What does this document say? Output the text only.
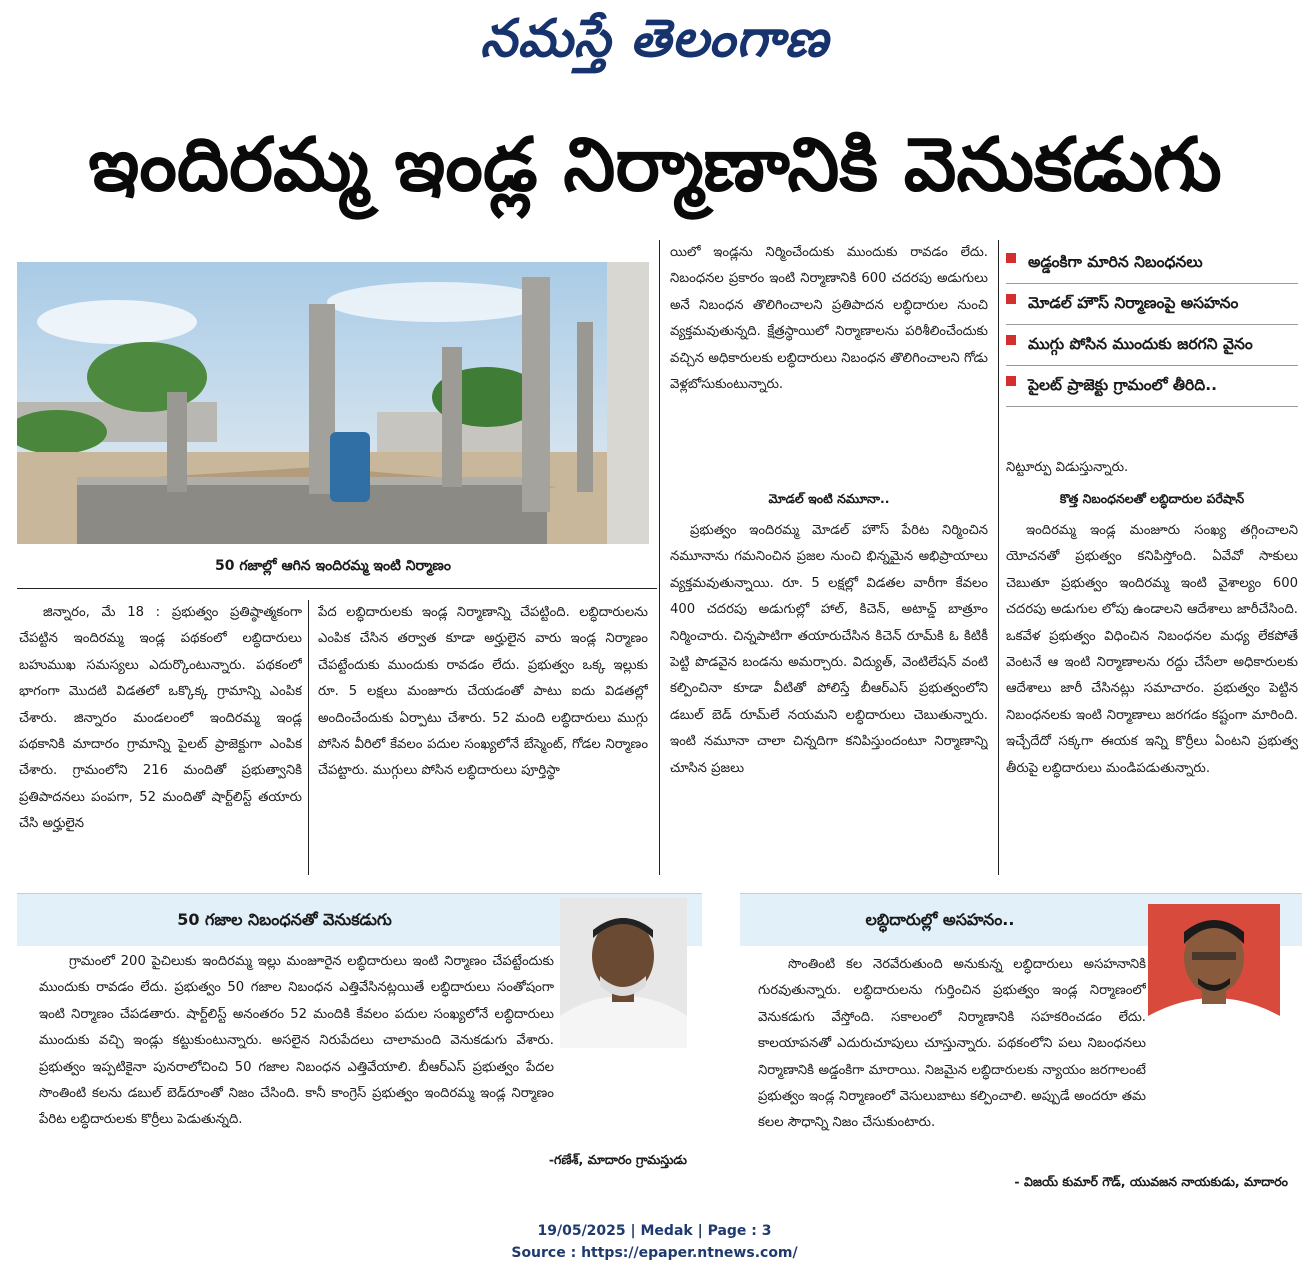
నమస్తే తెలంగాణ
ఇందిరమ్మ ఇండ్ల నిర్మాణానికి వెనుకడుగు
50 గజాల్లో ఆగిన ఇందిరమ్మ ఇంటి నిర్మాణం
అడ్డంకిగా మారిన నిబంధనలు
మోడల్ హౌస్ నిర్మాణంపై అసహనం
ముగ్గు పోసిన ముందుకు జరగని వైనం
పైలట్ ప్రాజెక్టు గ్రామంలో తీరిది..

జిన్నారం, మే 18 : ప్రభుత్వం ప్రతిష్ఠాత్మకంగా చేపట్టిన ఇందిరమ్మ ఇండ్ల పథకంలో లబ్ధిదారులు బహుముఖ సమస్యలు ఎదుర్కొంటున్నారు. పథకంలో భాగంగా మొదటి విడతలో ఒక్కొక్క గ్రామాన్ని ఎంపిక చేశారు. జిన్నారం మండలంలో ఇందిరమ్మ ఇండ్ల పథకానికి మాదారం గ్రామాన్ని పైలట్ ప్రాజెక్టుగా ఎంపిక చేశారు. గ్రామంలోని 216 మందితో ప్రభుత్వానికి ప్రతిపాదనలు పంపగా, 52 మందితో షార్ట్‌లిస్ట్ తయారు చేసి అర్హులైన

పేద లబ్ధిదారులకు ఇండ్ల నిర్మాణాన్ని చేపట్టింది. లబ్ధిదారులను ఎంపిక చేసిన తర్వాత కూడా అర్హులైన వారు ఇండ్ల నిర్మాణం చేపట్టేందుకు ముందుకు రావడం లేదు. ప్రభుత్వం ఒక్క ఇల్లుకు రూ. 5 లక్షలు మంజూరు చేయడంతో పాటు ఐదు విడతల్లో అందించేందుకు ఏర్పాటు చేశారు. 52 మంది లబ్ధిదారులు ముగ్గు పోసిన వీరిలో కేవలం పదుల సంఖ్యలోనే బేస్మెంట్, గోడల నిర్మాణం చేపట్టారు. ముగ్గులు పోసిన లబ్ధిదారులు పూర్తిస్థా

యిలో ఇండ్లను నిర్మించేందుకు ముందుకు రావడం లేదు. నిబంధనల ప్రకారం ఇంటి నిర్మాణానికి 600 చదరపు అడుగులు అనే నిబంధన తొలిగించాలని ప్రతిపాదన లబ్ధిదారుల నుంచి వ్యక్తమవుతున్నది. క్షేత్రస్థాయిలో నిర్మాణాలను పరిశీలించేందుకు వచ్చిన అధికారులకు లబ్ధిదారులు నిబంధన తొలిగించాలని గోడు వెళ్లబోసుకుంటున్నారు.

మోడల్ ఇంటి నమూనా..

ప్రభుత్వం ఇందిరమ్మ మోడల్ హౌస్ పేరిట నిర్మించిన నమూనాను గమనించిన ప్రజల నుంచి భిన్నమైన అభిప్రాయాలు వ్యక్తమవుతున్నాయి. రూ. 5 లక్షల్లో విడతల వారీగా కేవలం 400 చదరపు అడుగుల్లో హాల్, కిచెన్, అటాచ్డ్ బాత్రూం నిర్మించారు. చిన్నపాటిగా తయారుచేసిన కిచెన్ రూమ్‌కి ఓ కిటికీ పెట్టి పొడవైన బండను అమర్చారు. విద్యుత్, వెంటిలేషన్ వంటి కల్పించినా కూడా వీటితో పోలిస్తే బీఆర్ఎస్ ప్రభుత్వంలోని డబుల్ బెడ్ రూమ్‌లే నయమని లబ్ధిదారులు చెబుతున్నారు. ఇంటి నమూనా చాలా చిన్నదిగా కనిపిస్తుందంటూ నిర్మాణాన్ని చూసిన ప్రజలు

నిట్టూర్పు విడుస్తున్నారు.

కొత్త నిబంధనలతో లబ్ధిదారుల పరేషాన్

ఇందిరమ్మ ఇండ్ల మంజూరు సంఖ్య తగ్గించాలని యోచనతో ప్రభుత్వం కనిపిస్తోంది. ఏవేవో సాకులు చెబుతూ ప్రభుత్వం ఇందిరమ్మ ఇంటి వైశాల్యం 600 చదరపు అడుగుల లోపు ఉండాలని ఆదేశాలు జారీచేసింది. ఒకవేళ ప్రభుత్వం విధించిన నిబంధనల మధ్య లేకపోతే వెంటనే ఆ ఇంటి నిర్మాణాలను రద్దు చేసేలా అధికారులకు ఆదేశాలు జారీ చేసినట్లు సమాచారం. ప్రభుత్వం పెట్టిన నిబంధనలకు ఇంటి నిర్మాణాలు జరగడం కష్టంగా మారింది. ఇచ్చేదేదో సక్కగా ఈయక ఇన్ని కొర్రీలు ఏంటని ప్రభుత్వ తీరుపై లబ్ధిదారులు మండిపడుతున్నారు.

50 గజాల నిబంధనతో వెనుకడుగు

గ్రామంలో 200 పైచిలుకు ఇందిరమ్మ ఇల్లు మంజూరైన లబ్ధిదారులు ఇంటి నిర్మాణం చేపట్టేందుకు ముందుకు రావడం లేదు. ప్రభుత్వం 50 గజాల నిబంధన ఎత్తివేసినట్లయితే లబ్ధిదారులు సంతోషంగా ఇంటి నిర్మాణం చేపడతారు. షార్ట్‌లిస్ట్ అనంతరం 52 మందికి కేవలం పదుల సంఖ్యలోనే లబ్ధిదారులు ముందుకు వచ్చి ఇండ్లు కట్టుకుంటున్నారు. అసలైన నిరుపేదలు చాలామంది వెనుకడుగు వేశారు. ప్రభుత్వం ఇప్పటికైనా పునరాలోచించి 50 గజాల నిబంధన ఎత్తివేయాలి. బీఆర్ఎస్ ప్రభుత్వం పేదల సొంతింటి కలను డబుల్ బెడ్‌రూంతో నిజం చేసింది. కానీ కాంగ్రెస్ ప్రభుత్వం ఇందిరమ్మ ఇండ్ల నిర్మాణం పేరిట లబ్ధిదారులకు కొర్రీలు పెడుతున్నది.

-గణేశ్, మాదారం గ్రామస్తుడు
లబ్ధిదారుల్లో అసహనం..

సొంతింటి కల నెరవేరుతుంది అనుకున్న లబ్ధిదారులు అసహనానికి గురవుతున్నారు. లబ్ధిదారులను గుర్తించిన ప్రభుత్వం ఇండ్ల నిర్మాణంలో వెనుకడుగు వేస్తోంది. సకాలంలో నిర్మాణానికి సహకరించడం లేదు. కాలయాపనతో ఎదురుచూపులు చూస్తున్నారు. పథకంలోని పలు నిబంధనలు నిర్మాణానికి అడ్డంకిగా మారాయి. నిజమైన లబ్ధిదారులకు న్యాయం జరగాలంటే ప్రభుత్వం ఇండ్ల నిర్మాణంలో వెసులుబాటు కల్పించాలి. అప్పుడే అందరూ తమ కలల సౌధాన్ని నిజం చేసుకుంటారు.

- విజయ్ కుమార్ గౌడ్, యువజన నాయకుడు, మాదారం
19/05/2025 | Medak | Page : 3
Source : https://epaper.ntnews.com/
